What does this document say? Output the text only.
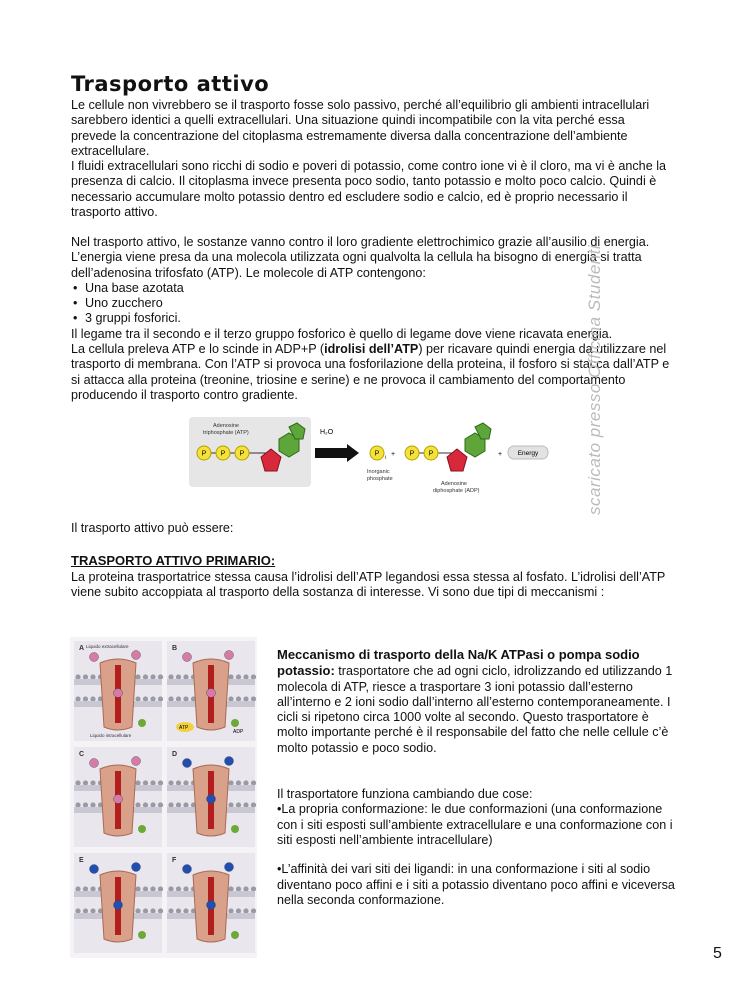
Trasporto attivo
Le cellule non vivrebbero se il trasporto fosse solo passivo, perché all’equilibrio gli ambienti intracellulari sarebbero identici a quelli extracellulari. Una situazione quindi incompatibile con la vita perché essa prevede la concentrazione del citoplasma estremamente diversa dalla concentrazione dell’ambiente extracellulare.
I fluidi extracellulari sono ricchi di sodio e poveri di potassio, come contro ione vi è il cloro, ma vi è anche la presenza di calcio. Il citoplasma invece presenta poco sodio, tanto potassio e molto poco calcio. Quindi è necessario accumulare molto potassio dentro ed escludere sodio e calcio, ed è proprio necessario il trasporto attivo.
Nel trasporto attivo, le sostanze vanno contro il loro gradiente elettrochimico grazie all’ausilio di energia. L’energia viene presa da una molecola utilizzata ogni qualvolta la cellula ha bisogno di energia si tratta dell’adenosina trifosfato (ATP). Le molecole di ATP contengono:
• Una base azotata
• Uno zucchero
• 3 gruppi fosforici.
Il legame tra il secondo e il terzo gruppo fosforico è quello di legame dove viene ricavata energia.
La cellula preleva ATP e lo scinde in ADP+P (idrolisi dell’ATP) per ricavare quindi energia da utilizzare nel trasporto di membrana. Con l’ATP si provoca una fosforilazione della proteina, il fosforo si stacca dall’ATP e si attacca alla proteina (treonine, triosine e serine) e ne provoca il cambiamento del comportamento producendo il trasporto contro gradiente.
Adenosine
triphosphate (ATP)
P P P
H₂O
P
i +
Inorganic
phosphate
P P
Adenosine
diphosphate (ADP)
+ Energy
Il trasporto attivo può essere:
TRASPORTO ATTIVO PRIMARIO:
La proteina trasportatrice stessa causa l’idrolisi dell’ATP legandosi essa stessa al fosfato. L’idrolisi dell’ATP viene subito accoppiata al trasporto della sostanza di interesse. Vi sono due tipi di meccanismi :
A	B
ATP
ADP
C	D
E	F
Liquido extracellulare
Liquido intracellulare
Meccanismo di trasporto della Na/K ATPasi o pompa sodio potassio: trasportatore che ad ogni ciclo, idrolizzando ed utilizzando 1 molecola di ATP, riesce a trasportare 3 ioni potassio dall’esterno all’interno e 2 ioni sodio dall’interno all’esterno contemporaneamente. I cicli si ripetono circa 1000 volte al secondo. Questo trasportatore è molto importante perché è il responsabile del fatto che nelle cellule c’è molto potassio e poco sodio.
Il trasportatore funziona cambiando due cose:
•La propria conformazione: le due conformazioni (una conformazione con i siti esposti sull’ambiente extracellulare e una conformazione con i siti esposti nell’ambiente intracellulare)
•L’affinità dei vari siti dei ligandi: in una conformazione i siti al sodio diventano poco affini e i siti a potassio diventano poco affini e viceversa nella seconda conformazione.
scaricato presso Officina Studenti
5
